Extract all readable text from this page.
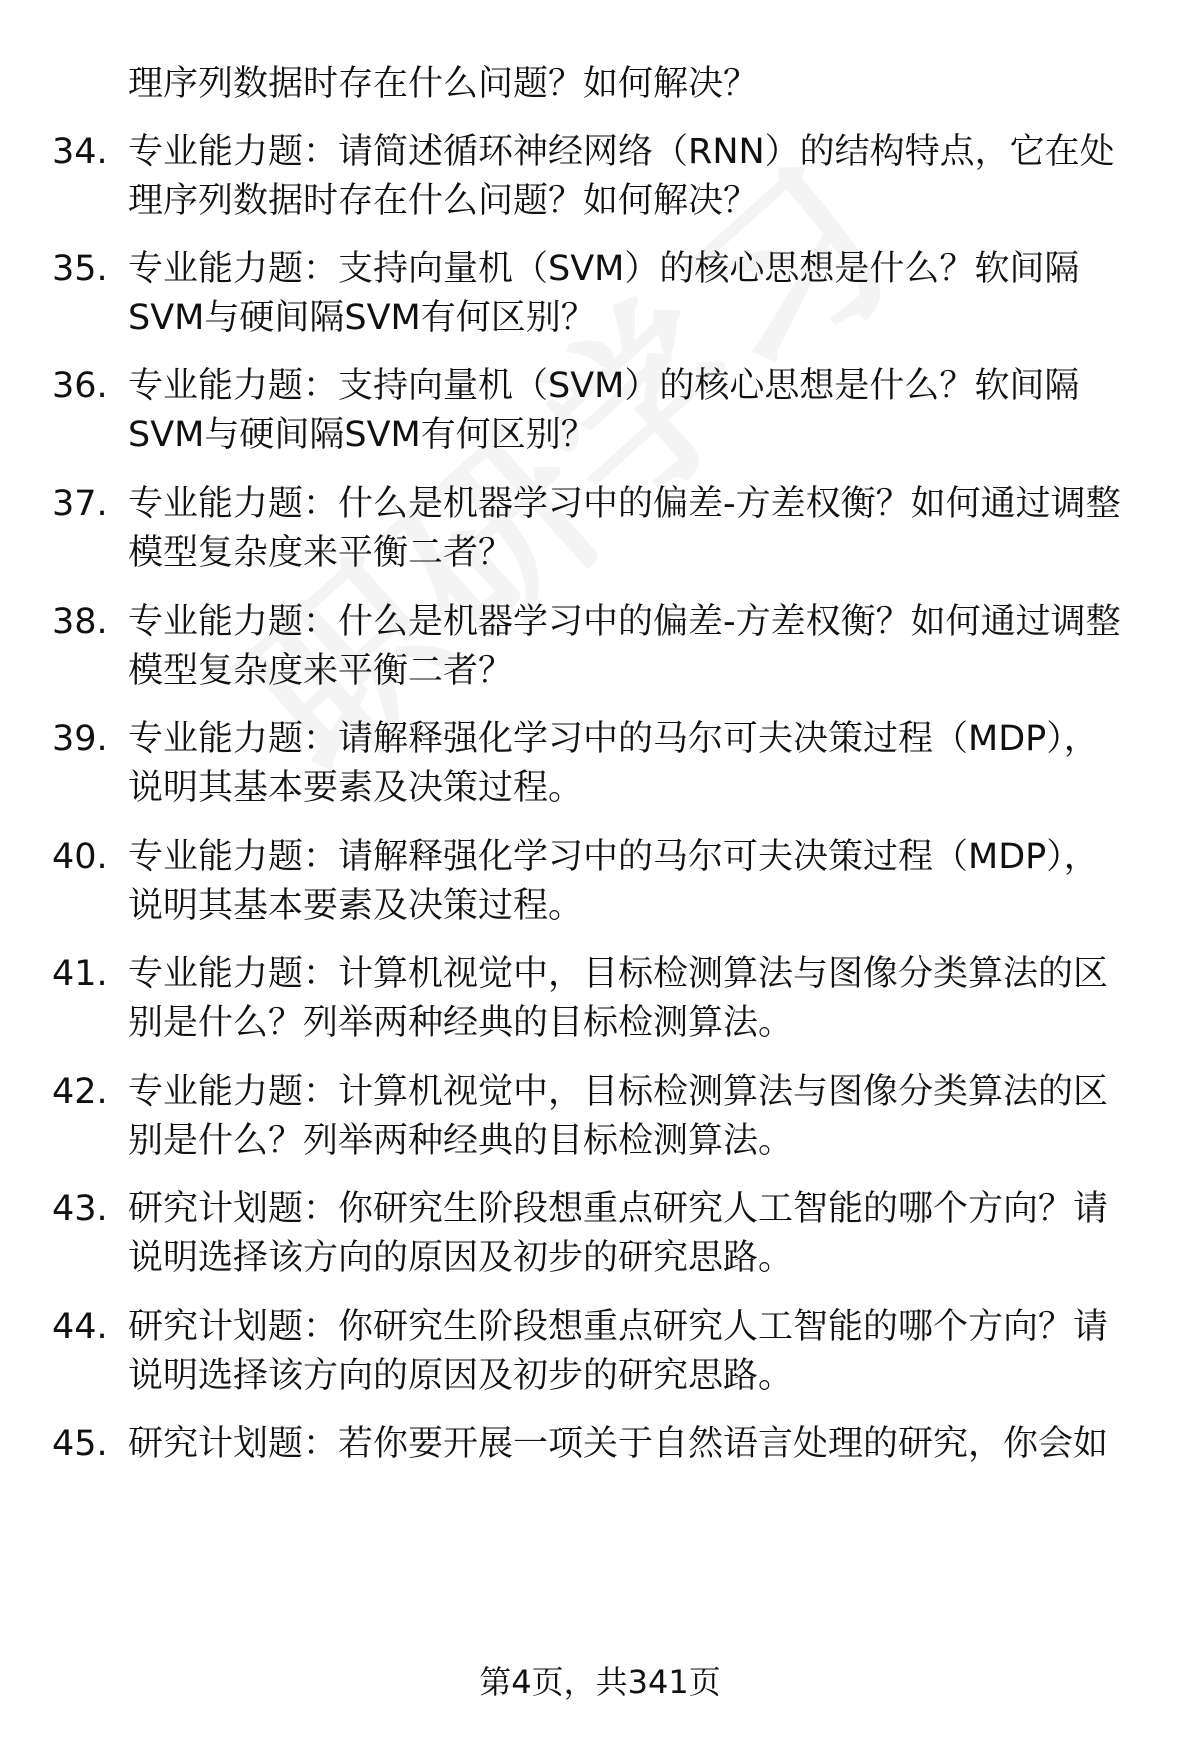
理序列数据时存在什么问题？如何解决？
34. 专业能力题：请简述循环神经网络（RNN）的结构特点，它在处
理序列数据时存在什么问题？如何解决？
35. 专业能力题：支持向量机（SVM）的核心思想是什么？软间隔
SVM与硬间隔SVM有何区别？
36. 专业能力题：支持向量机（SVM）的核心思想是什么？软间隔
SVM与硬间隔SVM有何区别？
37. 专业能力题：什么是机器学习中的偏差-方差权衡？如何通过调整
模型复杂度来平衡二者？
38. 专业能力题：什么是机器学习中的偏差-方差权衡？如何通过调整
模型复杂度来平衡二者？
39. 专业能力题：请解释强化学习中的马尔可夫决策过程（MDP），
说明其基本要素及决策过程。
40. 专业能力题：请解释强化学习中的马尔可夫决策过程（MDP），
说明其基本要素及决策过程。
41. 专业能力题：计算机视觉中，目标检测算法与图像分类算法的区
别是什么？列举两种经典的目标检测算法。
42. 专业能力题：计算机视觉中，目标检测算法与图像分类算法的区
别是什么？列举两种经典的目标检测算法。
43. 研究计划题：你研究生阶段想重点研究人工智能的哪个方向？请
说明选择该方向的原因及初步的研究思路。
44. 研究计划题：你研究生阶段想重点研究人工智能的哪个方向？请
说明选择该方向的原因及初步的研究思路。
45. 研究计划题：若你要开展一项关于自然语言处理的研究，你会如
第4页，共341页
